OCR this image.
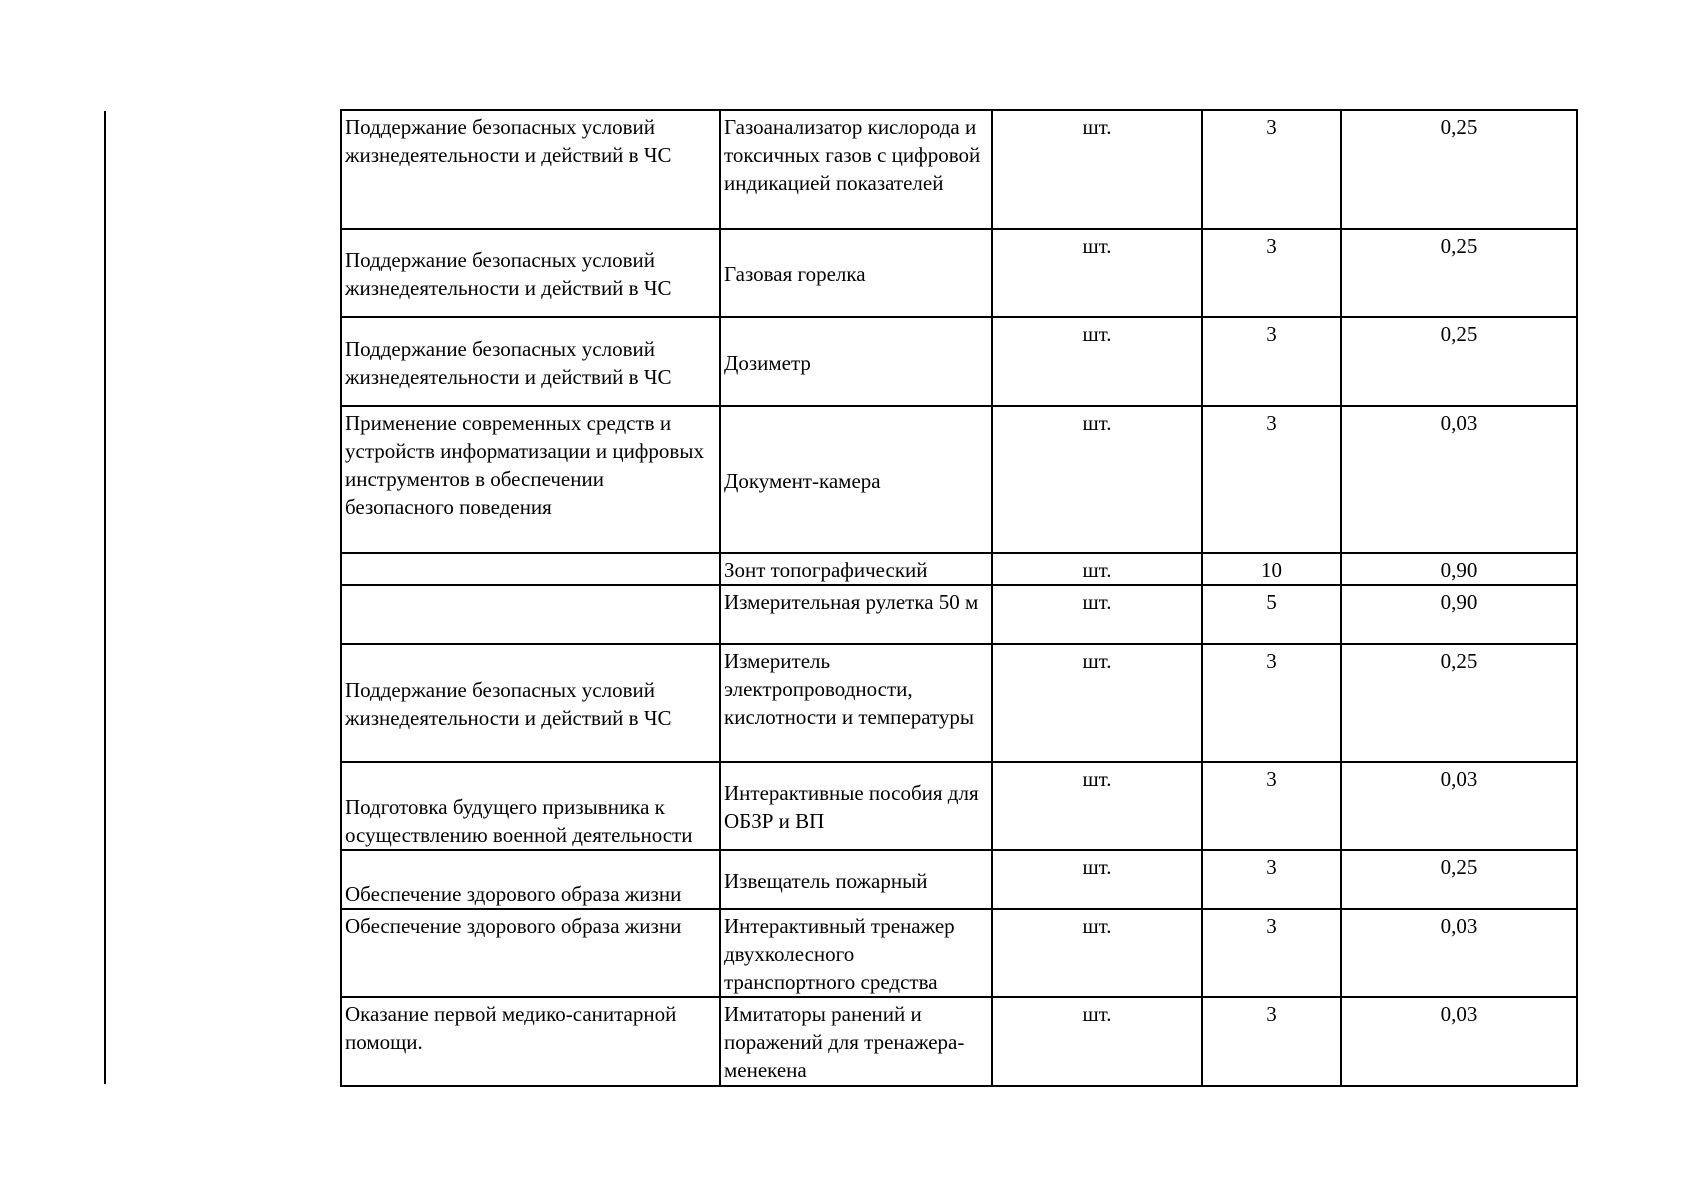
Поддержание безопасных условий жизнедеятельности и действий в ЧС	Газоанализатор кислорода и токсичных газов с цифровой индикацией показателей	шт.	3	0,25
Поддержание безопасных условий жизнедеятельности и действий в ЧС	Газовая горелка	шт.	3	0,25
Поддержание безопасных условий жизнедеятельности и действий в ЧС	Дозиметр	шт.	3	0,25
Применение современных средств и устройств информатизации и цифровых инструментов в обеспечении безопасного поведения	Документ-камера	шт.	3	0,03
	Зонт топографический	шт.	10	0,90
	Измерительная рулетка 50 м	шт.	5	0,90
Поддержание безопасных условий жизнедеятельности и действий в ЧС	Измеритель электропроводности, кислотности и температуры	шт.	3	0,25
Подготовка будущего призывника к осуществлению военной деятельности	Интерактивные пособия для ОБЗР и ВП	шт.	3	0,03
Обеспечение здорового образа жизни	Извещатель пожарный	шт.	3	0,25
Обеспечение здорового образа жизни	Интерактивный тренажер двухколесного транспортного средства	шт.	3	0,03
Оказание первой медико-санитарной помощи.	Имитаторы ранений и поражений для тренажера-менекена	шт.	3	0,03
